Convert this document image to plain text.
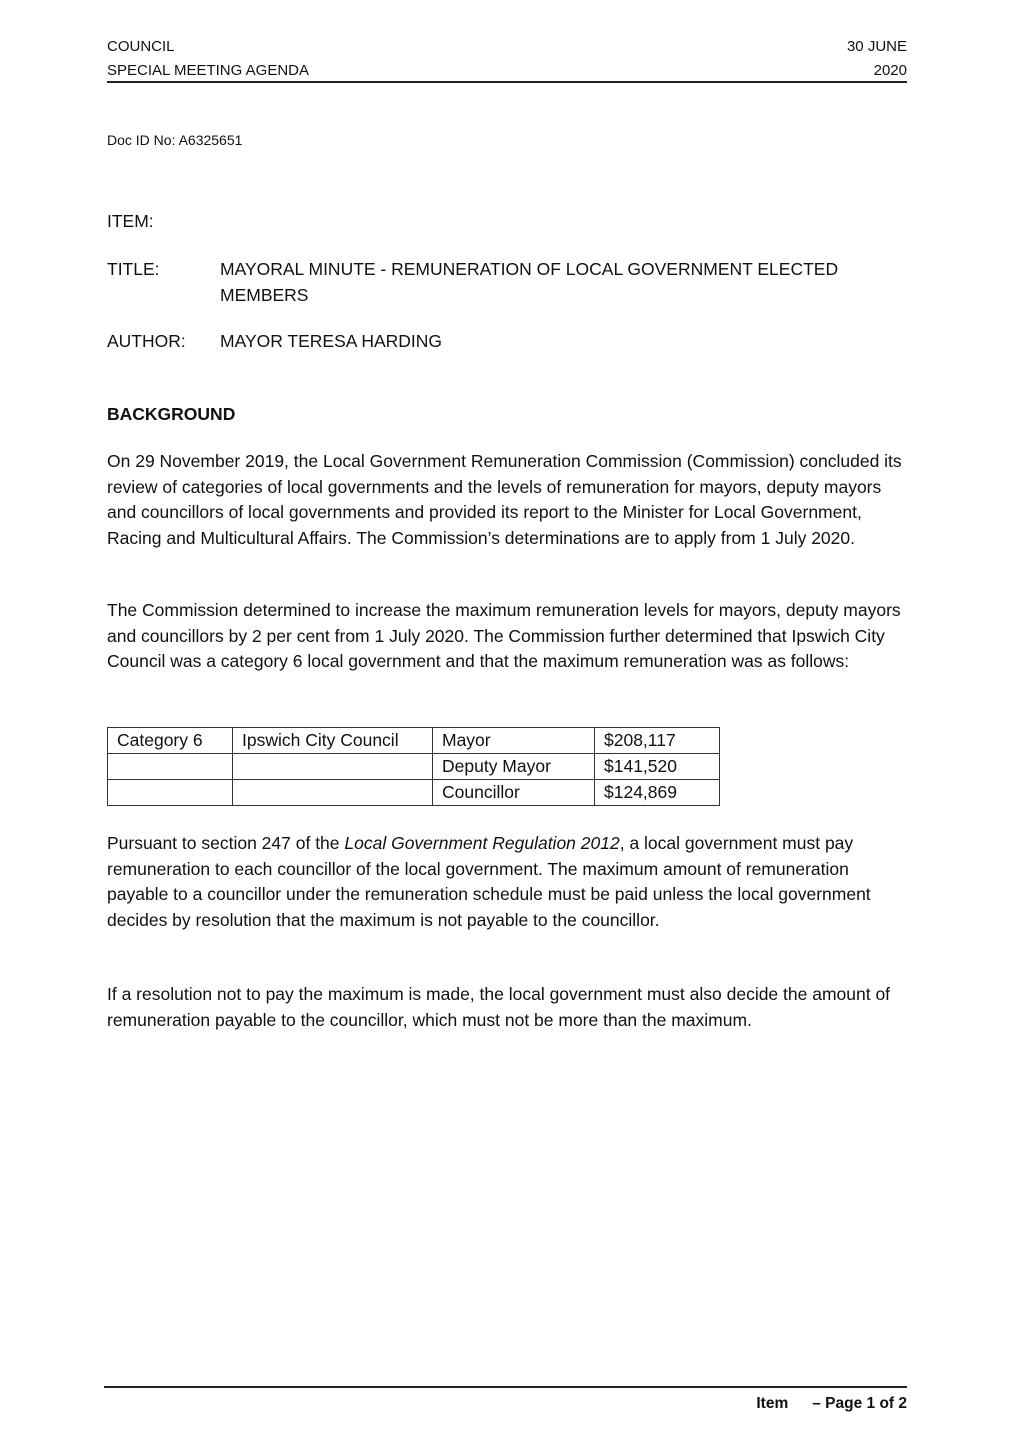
COUNCIL
SPECIAL MEETING AGENDA
30 JUNE
2020
Doc ID No: A6325651
ITEM:
TITLE:	MAYORAL MINUTE - REMUNERATION OF LOCAL GOVERNMENT ELECTED MEMBERS
AUTHOR:	MAYOR TERESA HARDING
BACKGROUND

On 29 November 2019, the Local Government Remuneration Commission (Commission) concluded its review of categories of local governments and the levels of remuneration for mayors, deputy mayors and councillors of local governments and provided its report to the Minister for Local Government, Racing and Multicultural Affairs. The Commission’s determinations are to apply from 1 July 2020.

The Commission determined to increase the maximum remuneration levels for mayors, deputy mayors and councillors by 2 per cent from 1 July 2020. The Commission further determined that Ipswich City Council was a category 6 local government and that the maximum remuneration was as follows:

Category 6	Ipswich City Council	Mayor	$208,117
		Deputy Mayor	$141,520
		Councillor	$124,869

Pursuant to section 247 of the Local Government Regulation 2012, a local government must pay remuneration to each councillor of the local government. The maximum amount of remuneration payable to a councillor under the remuneration schedule must be paid unless the local government decides by resolution that the maximum is not payable to the councillor.

If a resolution not to pay the maximum is made, the local government must also decide the amount of remuneration payable to the councillor, which must not be more than the maximum.

Item – Page 1 of 2
